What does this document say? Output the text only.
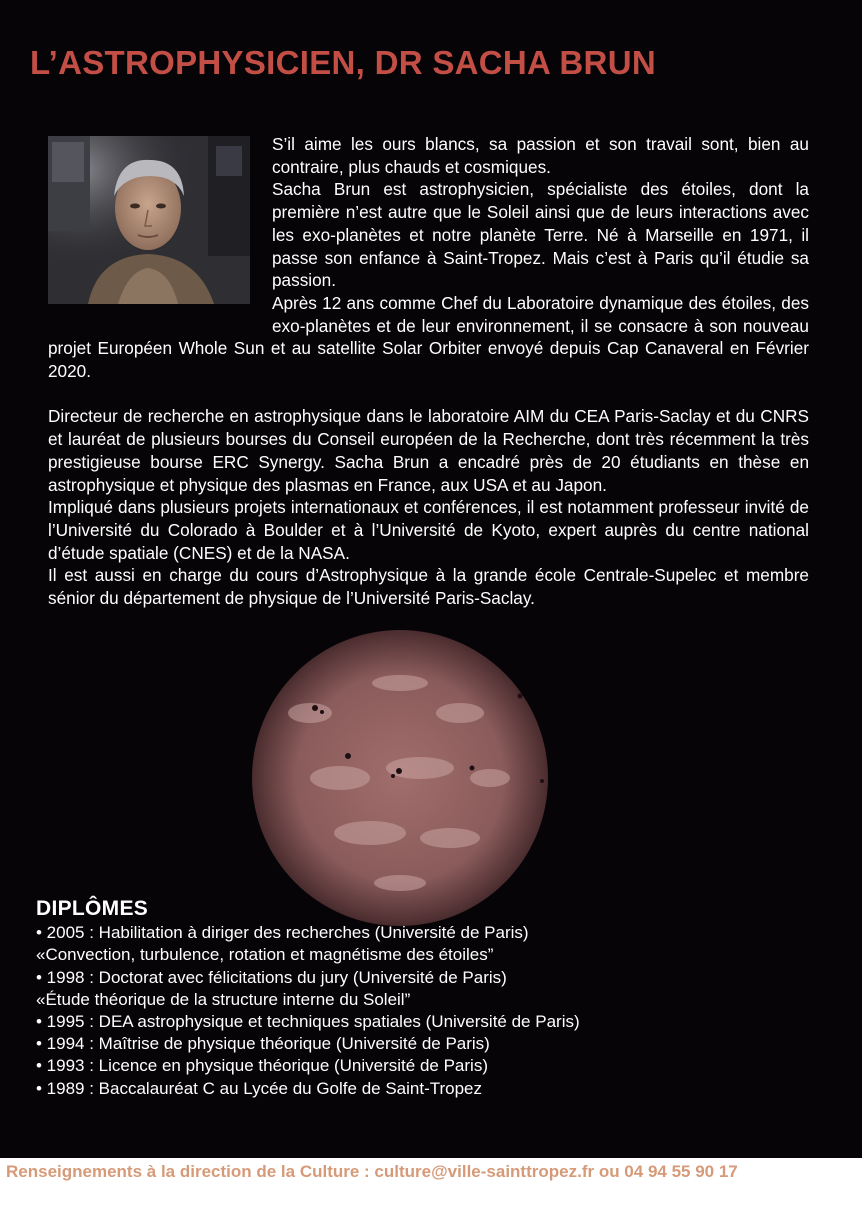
L’ASTROPHYSICIEN, DR SACHA BRUN

S’il aime les ours blancs, sa passion et son travail sont, bien au contraire, plus chauds et cosmiques.

Sacha Brun est astrophysicien, spécialiste des étoiles, dont la première n’est autre que le Soleil ainsi que de leurs interactions avec les exo-planètes et notre planète Terre. Né à Marseille en 1971, il passe son enfance à Saint-Tropez. Mais c’est à Paris qu’il étudie sa passion.

Après 12 ans comme Chef du Laboratoire dynamique des étoiles, des exo-planètes et de leur environnement, il se consacre à son nouveau projet Européen Whole Sun et au satellite Solar Orbiter envoyé depuis Cap Canaveral en Février 2020.

Directeur de recherche en astrophysique dans le laboratoire AIM du CEA Paris-Saclay et du CNRS et lauréat de plusieurs bourses du Conseil européen de la Recherche, dont très récemment la très prestigieuse bourse ERC Synergy. Sacha Brun a encadré près de 20 étudiants en thèse en astrophysique et physique des plasmas en France, aux USA et au Japon.

Impliqué dans plusieurs projets internationaux et conférences, il est notamment professeur invité de l’Université du Colorado à Boulder et à l’Université de Kyoto, expert auprès du centre national d’étude spatiale (CNES) et de la NASA.

Il est aussi en charge du cours d’Astrophysique à la grande école Centrale-Supelec et membre sénior du département de physique de l’Université Paris-Saclay.

DIPLÔMES
• 2005 : Habilitation à diriger des recherches (Université de Paris)
«Convection, turbulence, rotation et magnétisme des étoiles”
• 1998 : Doctorat avec félicitations du jury (Université de Paris)
«Étude théorique de la structure interne du Soleil”
• 1995 : DEA astrophysique et techniques spatiales (Université de Paris)
• 1994 : Maîtrise de physique théorique (Université de Paris)
• 1993 : Licence en physique théorique (Université de Paris)
• 1989 : Baccalauréat C au Lycée du Golfe de Saint-Tropez
Renseignements à la direction de la Culture : culture@ville-sainttropez.fr ou 04 94 55 90 17
